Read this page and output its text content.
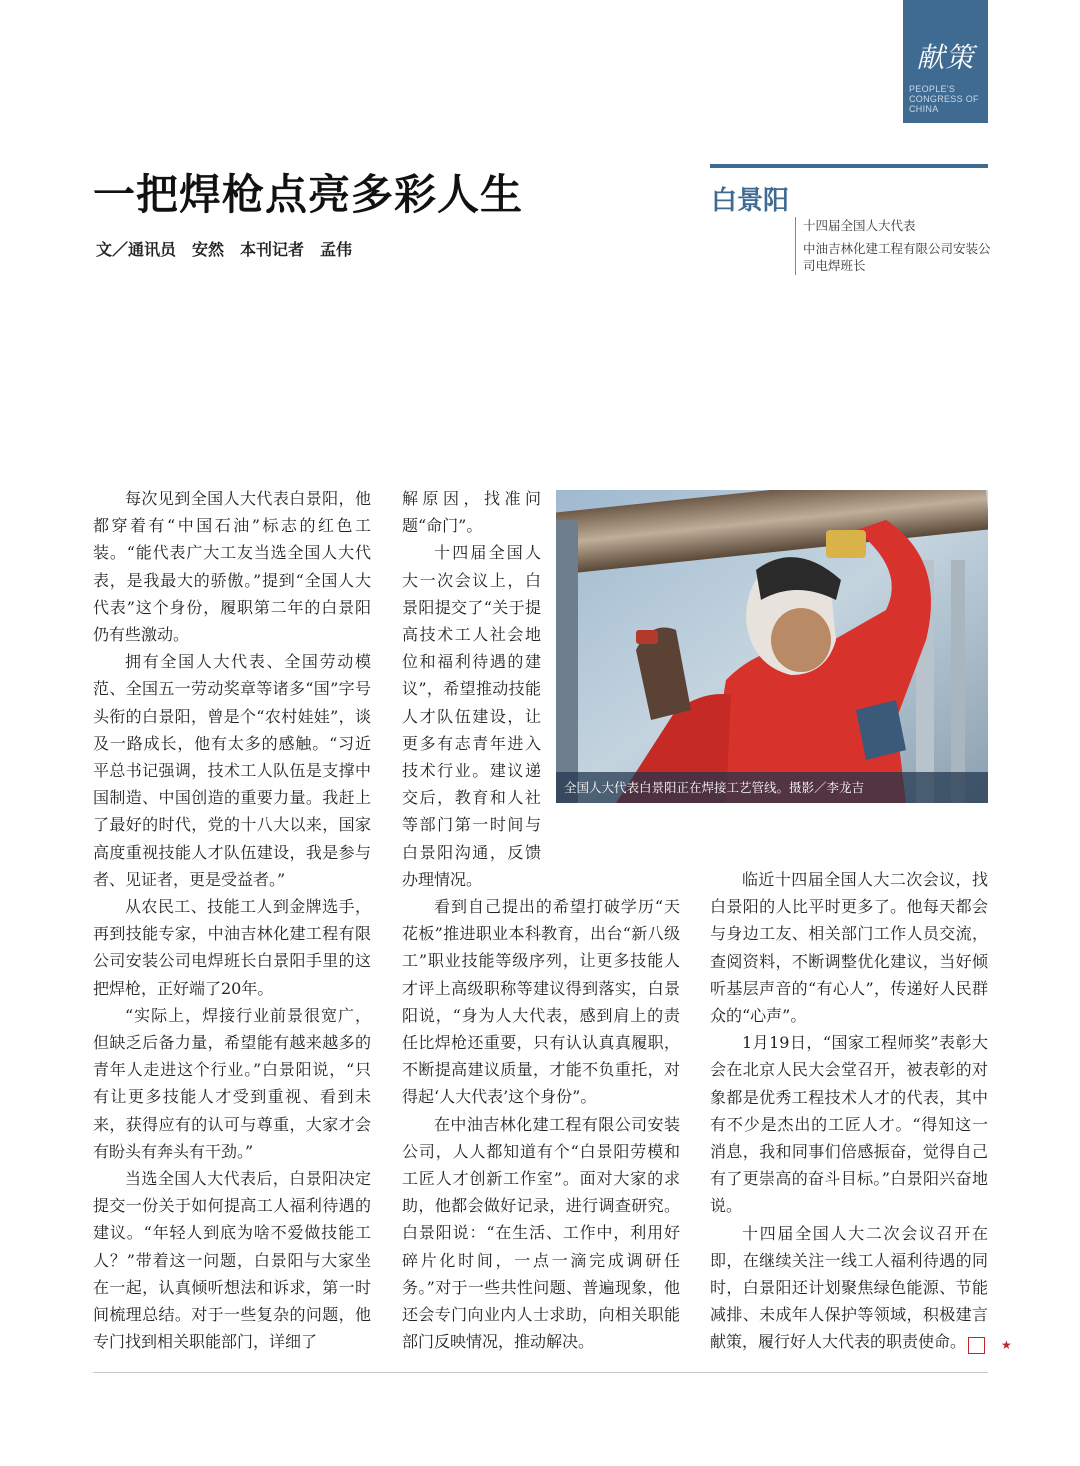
献策
PEOPLE'S
CONGRESS OF
CHINA
一把焊枪点亮多彩人生
文／通讯员　安然　本刊记者　孟伟
白景阳
十四届全国人大代表
中油吉林化建工程有限公司安装公司电焊班长

每次见到全国人大代表白景阳，他都穿着有“中国石油”标志的红色工装。“能代表广大工友当选全国人大代表，是我最大的骄傲。”提到“全国人大代表”这个身份，履职第二年的白景阳仍有些激动。

拥有全国人大代表、全国劳动模范、全国五一劳动奖章等诸多“国”字号头衔的白景阳，曾是个“农村娃娃”，谈及一路成长，他有太多的感触。“习近平总书记强调，技术工人队伍是支撑中国制造、中国创造的重要力量。我赶上了最好的时代，党的十八大以来，国家高度重视技能人才队伍建设，我是参与者、见证者，更是受益者。”

从农民工、技能工人到金牌选手，再到技能专家，中油吉林化建工程有限公司安装公司电焊班长白景阳手里的这把焊枪，正好端了20年。

“实际上，焊接行业前景很宽广，但缺乏后备力量，希望能有越来越多的青年人走进这个行业。”白景阳说，“只有让更多技能人才受到重视、看到未来，获得应有的认可与尊重，大家才会有盼头有奔头有干劲。”

当选全国人大代表后，白景阳决定提交一份关于如何提高工人福利待遇的建议。“年轻人到底为啥不爱做技能工人？”带着这一问题，白景阳与大家坐在一起，认真倾听想法和诉求，第一时间梳理总结。对于一些复杂的问题，他专门找到相关职能部门，详细了

解原因，找准问题“命门”。

十四届全国人大一次会议上，白景阳提交了“关于提高技术工人社会地位和福利待遇的建议”，希望推动技能人才队伍建设，让更多有志青年进入技术行业。建议递交后，教育和人社等部门第一时间与白景阳沟通，反馈办理情况。

全国人大代表白景阳正在焊接工艺管线。摄影／李龙吉

看到自己提出的希望打破学历“天花板”推进职业本科教育，出台“新八级工”职业技能等级序列，让更多技能人才评上高级职称等建议得到落实，白景阳说，“身为人大代表，感到肩上的责任比焊枪还重要，只有认认真真履职，不断提高建议质量，才能不负重托，对得起‘人大代表’这个身份”。

在中油吉林化建工程有限公司安装公司，人人都知道有个“白景阳劳模和工匠人才创新工作室”。面对大家的求助，他都会做好记录，进行调查研究。白景阳说：“在生活、工作中，利用好碎片化时间，一点一滴完成调研任务。”对于一些共性问题、普遍现象，他还会专门向业内人士求助，向相关职能部门反映情况，推动解决。

临近十四届全国人大二次会议，找白景阳的人比平时更多了。他每天都会与身边工友、相关部门工作人员交流，查阅资料，不断调整优化建议，当好倾听基层声音的“有心人”，传递好人民群众的“心声”。

1月19日，“国家工程师奖”表彰大会在北京人民大会堂召开，被表彰的对象都是优秀工程技术人才的代表，其中有不少是杰出的工匠人才。“得知这一消息，我和同事们倍感振奋，觉得自己有了更崇高的奋斗目标。”白景阳兴奋地说。

十四届全国人大二次会议召开在即，在继续关注一线工人福利待遇的同时，白景阳还计划聚焦绿色能源、节能减排、未成年人保护等领域，积极建言献策，履行好人大代表的职责使命。	★
